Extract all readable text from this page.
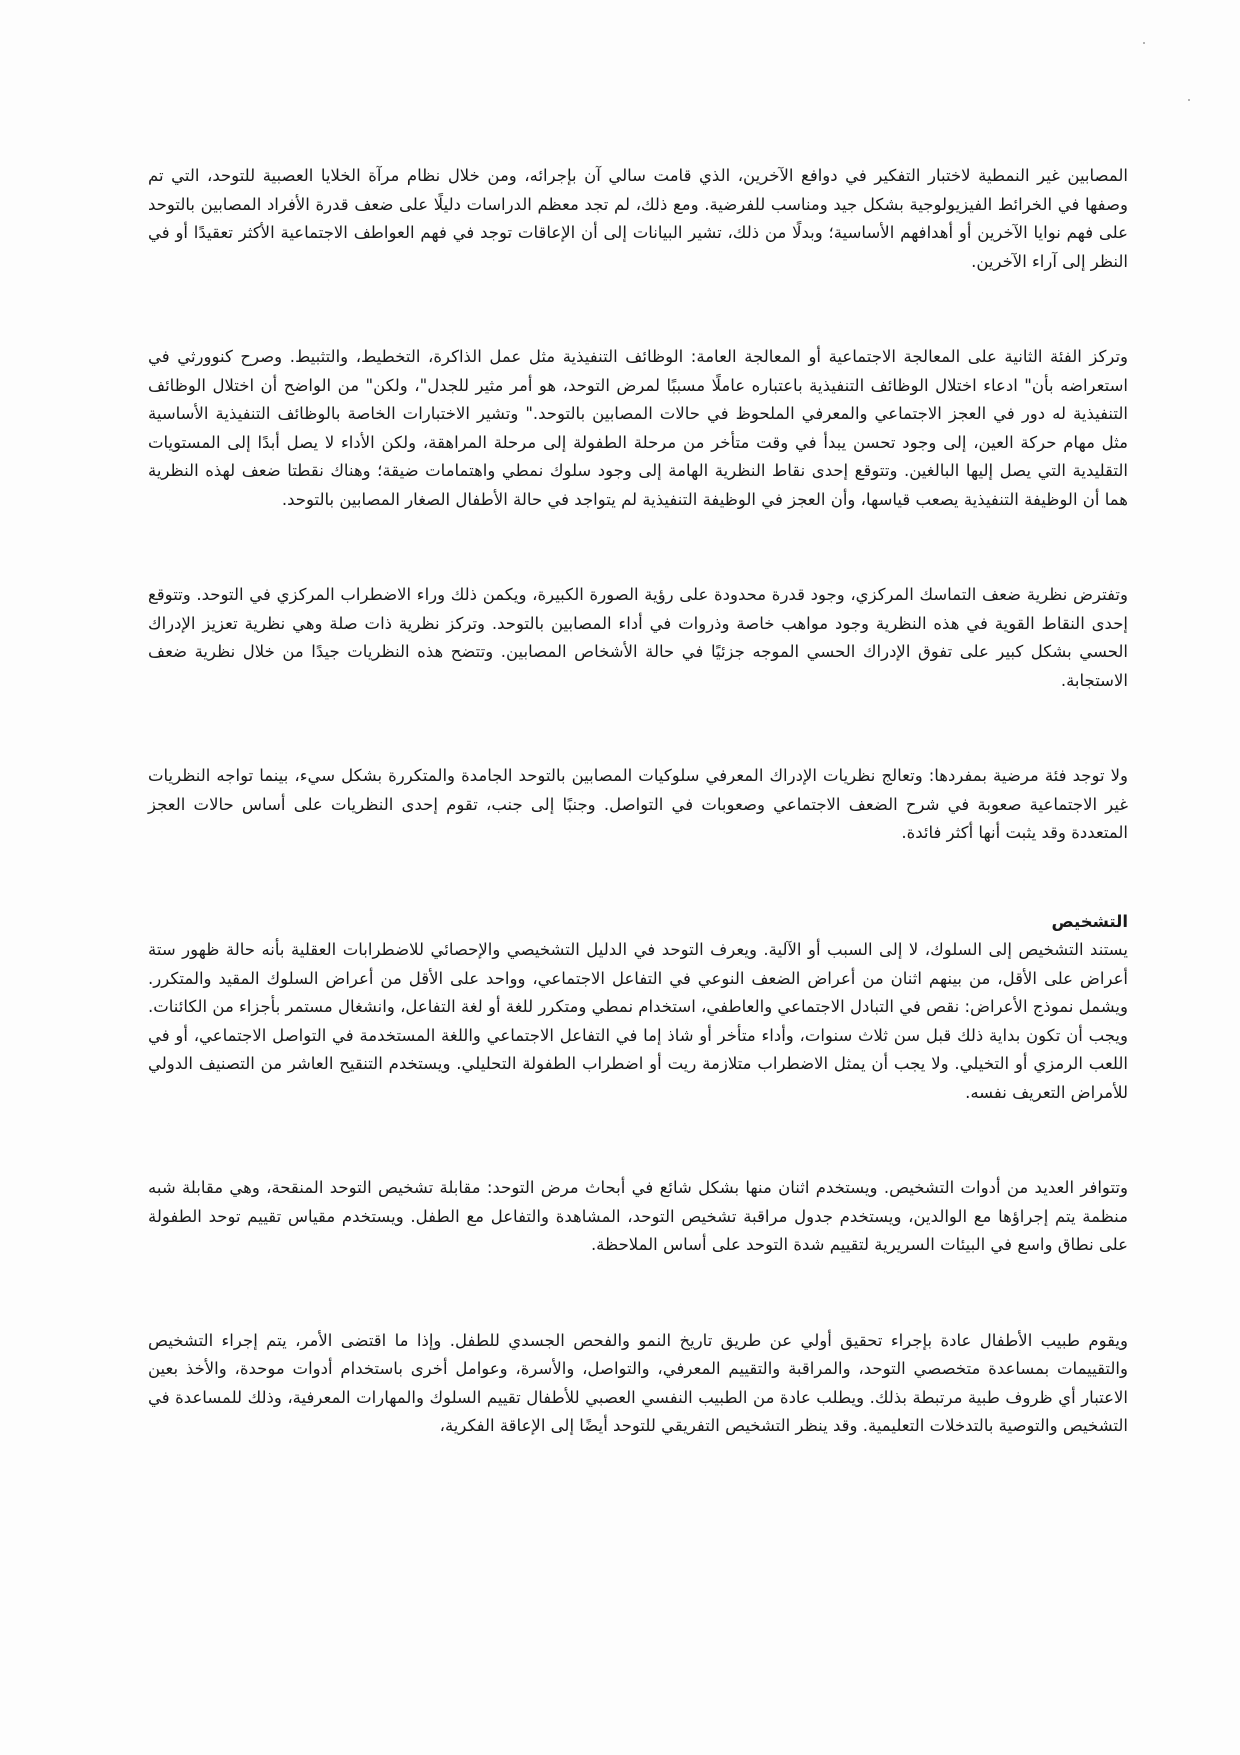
المصابين غير النمطية لاختبار التفكير في دوافع الآخرين، الذي قامت سالي آن بإجرائه، ومن خلال نظام مرآة الخلايا العصبية للتوحد، التي تم وصفها في الخرائط الفيزيولوجية بشكل جيد ومناسب للفرضية. ومع ذلك، لم تجد معظم الدراسات دليلًا على ضعف قدرة الأفراد المصابين بالتوحد على فهم نوايا الآخرين أو أهدافهم الأساسية؛ وبدلًا من ذلك، تشير البيانات إلى أن الإعاقات توجد في فهم العواطف الاجتماعية الأكثر تعقيدًا أو في النظر إلى آراء الآخرين.

وتركز الفئة الثانية على المعالجة الاجتماعية أو المعالجة العامة: الوظائف التنفيذية مثل عمل الذاكرة، التخطيط، والتثبيط. وصرح كنوورثي في استعراضه بأن" ادعاء اختلال الوظائف التنفيذية باعتباره عاملًا مسببًا لمرض التوحد، هو أمر مثير للجدل"، ولكن" من الواضح أن اختلال الوظائف التنفيذية له دور في العجز الاجتماعي والمعرفي الملحوظ في حالات المصابين بالتوحد." وتشير الاختبارات الخاصة بالوظائف التنفيذية الأساسية مثل مهام حركة العين، إلى وجود تحسن يبدأ في وقت متأخر من مرحلة الطفولة إلى مرحلة المراهقة، ولكن الأداء لا يصل أبدًا إلى المستويات التقليدية التي يصل إليها البالغين. وتتوقع إحدى نقاط النظرية الهامة إلى وجود سلوك نمطي واهتمامات ضيقة؛ وهناك نقطتا ضعف لهذه النظرية هما أن الوظيفة التنفيذية يصعب قياسها، وأن العجز في الوظيفة التنفيذية لم يتواجد في حالة الأطفال الصغار المصابين بالتوحد.

وتفترض نظرية ضعف التماسك المركزي، وجود قدرة محدودة على رؤية الصورة الكبيرة، ويكمن ذلك وراء الاضطراب المركزي في التوحد. وتتوقع إحدى النقاط القوية في هذه النظرية وجود مواهب خاصة وذروات في أداء المصابين بالتوحد. وتركز نظرية ذات صلة وهي نظرية تعزيز الإدراك الحسي بشكل كبير على تفوق الإدراك الحسي الموجه جزئيًا في حالة الأشخاص المصابين. وتتضح هذه النظريات جيدًا من خلال نظرية ضعف الاستجابة.

ولا توجد فئة مرضية بمفردها: وتعالج نظريات الإدراك المعرفي سلوكيات المصابين بالتوحد الجامدة والمتكررة بشكل سيء، بينما تواجه النظريات غير الاجتماعية صعوبة في شرح الضعف الاجتماعي وصعوبات في التواصل. وجنبًا إلى جنب، تقوم إحدى النظريات على أساس حالات العجز المتعددة وقد يثبت أنها أكثر فائدة.

التشخيص

يستند التشخيص إلى السلوك، لا إلى السبب أو الآلية. ويعرف التوحد في الدليل التشخيصي والإحصائي للاضطرابات العقلية بأنه حالة ظهور ستة أعراض على الأقل، من بينهم اثنان من أعراض الضعف النوعي في التفاعل الاجتماعي، وواحد على الأقل من أعراض السلوك المقيد والمتكرر. ويشمل نموذج الأعراض: نقص في التبادل الاجتماعي والعاطفي، استخدام نمطي ومتكرر للغة أو لغة التفاعل، وانشغال مستمر بأجزاء من الكائنات. ويجب أن تكون بداية ذلك قبل سن ثلاث سنوات، وأداء متأخر أو شاذ إما في التفاعل الاجتماعي واللغة المستخدمة في التواصل الاجتماعي، أو في اللعب الرمزي أو التخيلي. ولا يجب أن يمثل الاضطراب متلازمة ريت أو اضطراب الطفولة التحليلي. ويستخدم التنقيح العاشر من التصنيف الدولي للأمراض التعريف نفسه.

وتتوافر العديد من أدوات التشخيص. ويستخدم اثنان منها بشكل شائع في أبحاث مرض التوحد: مقابلة تشخيص التوحد المنقحة، وهي مقابلة شبه منظمة يتم إجراؤها مع الوالدين، ويستخدم جدول مراقبة تشخيص التوحد، المشاهدة والتفاعل مع الطفل. ويستخدم مقياس تقييم توحد الطفولة على نطاق واسع في البيئات السريرية لتقييم شدة التوحد على أساس الملاحظة.

ويقوم طبيب الأطفال عادة بإجراء تحقيق أولي عن طريق تاريخ النمو والفحص الجسدي للطفل. وإذا ما اقتضى الأمر، يتم إجراء التشخيص والتقييمات بمساعدة متخصصي التوحد، والمراقبة والتقييم المعرفي، والتواصل، والأسرة، وعوامل أخرى باستخدام أدوات موحدة، والأخذ بعين الاعتبار أي ظروف طبية مرتبطة بذلك. ويطلب عادة من الطبيب النفسي العصبي للأطفال تقييم السلوك والمهارات المعرفية، وذلك للمساعدة في التشخيص والتوصية بالتدخلات التعليمية. وقد ينظر التشخيص التفريقي للتوحد أيضًا إلى الإعاقة الفكرية،
